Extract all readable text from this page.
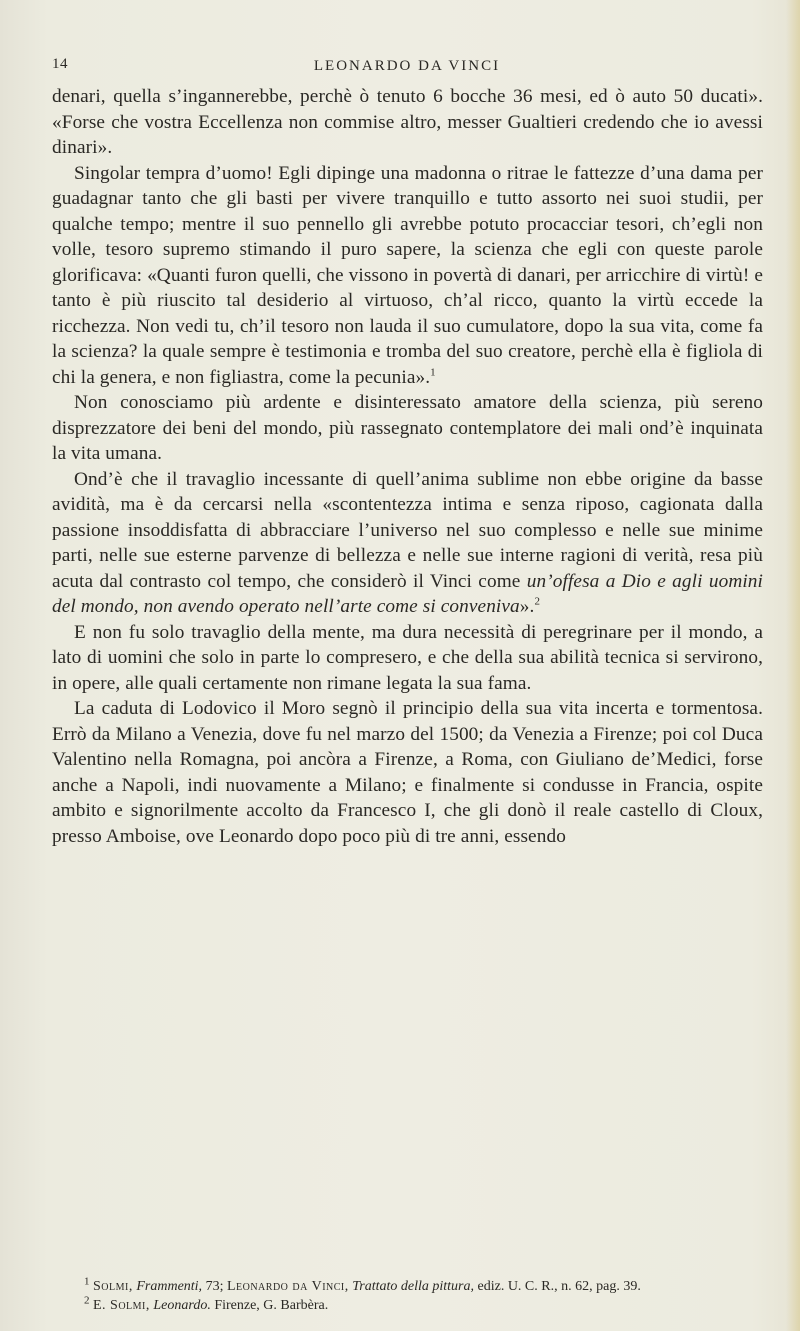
14	LEONARDO DA VINCI

denari, quella s’ingannerebbe, perchè ò tenuto 6 bocche 36 mesi, ed ò auto 50 ducati». «Forse che vostra Eccellenza non commise altro, messer Gualtieri credendo che io avessi dinari».

Singolar tempra d’uomo! Egli dipinge una madonna o ritrae le fattezze d’una dama per guadagnar tanto che gli basti per vivere tranquillo e tutto assorto nei suoi studii, per qualche tempo; mentre il suo pennello gli avrebbe potuto procacciar tesori, ch’egli non volle, tesoro supremo stimando il puro sapere, la scienza che egli con queste parole glorificava: «Quanti furon quelli, che vissono in povertà di danari, per arricchire di virtù! e tanto è più riuscito tal desiderio al virtuoso, ch’al ricco, quanto la virtù eccede la ricchezza. Non vedi tu, ch’il tesoro non lauda il suo cumulatore, dopo la sua vita, come fa la scienza? la quale sempre è testimonia e tromba del suo creatore, perchè ella è figliola di chi la genera, e non figliastra, come la pecunia».$^1$

Non conosciamo più ardente e disinteressato amatore della scienza, più sereno disprezzatore dei beni del mondo, più rassegnato contemplatore dei mali ond’è inquinata la vita umana.

Ond’è che il travaglio incessante di quell’anima sublime non ebbe origine da basse avidità, ma è da cercarsi nella «scontentezza intima e senza riposo, cagionata dalla passione insoddisfatta di abbracciare l’universo nel suo complesso e nelle sue minime parti, nelle sue esterne parvenze di bellezza e nelle sue interne ragioni di verità, resa più acuta dal contrasto col tempo, che considerò il Vinci come un’offesa a Dio e agli uomini del mondo, non avendo operato nell’arte come si conveniva».$^2$

E non fu solo travaglio della mente, ma dura necessità di peregrinare per il mondo, a lato di uomini che solo in parte lo compresero, e che della sua abilità tecnica si servirono, in opere, alle quali certamente non rimane legata la sua fama.

La caduta di Lodovico il Moro segnò il principio della sua vita incerta e tormentosa. Errò da Milano a Venezia, dove fu nel marzo del 1500; da Venezia a Firenze; poi col Duca Valentino nella Romagna, poi ancòra a Firenze, a Roma, con Giuliano de’Medici, forse anche a Napoli, indi nuovamente a Milano; e finalmente si condusse in Francia, ospite ambito e signorilmente accolto da Francesco I, che gli donò il reale castello di Cloux, presso Amboise, ove Leonardo dopo poco più di tre anni, essendo

$^1$ Solmi, Frammenti, 73; Leonardo da Vinci, Trattato della pittura, ediz. U. C. R., n. 62, pag. 39.

$^2$ E. Solmi, Leonardo. Firenze, G. Barbèra.
